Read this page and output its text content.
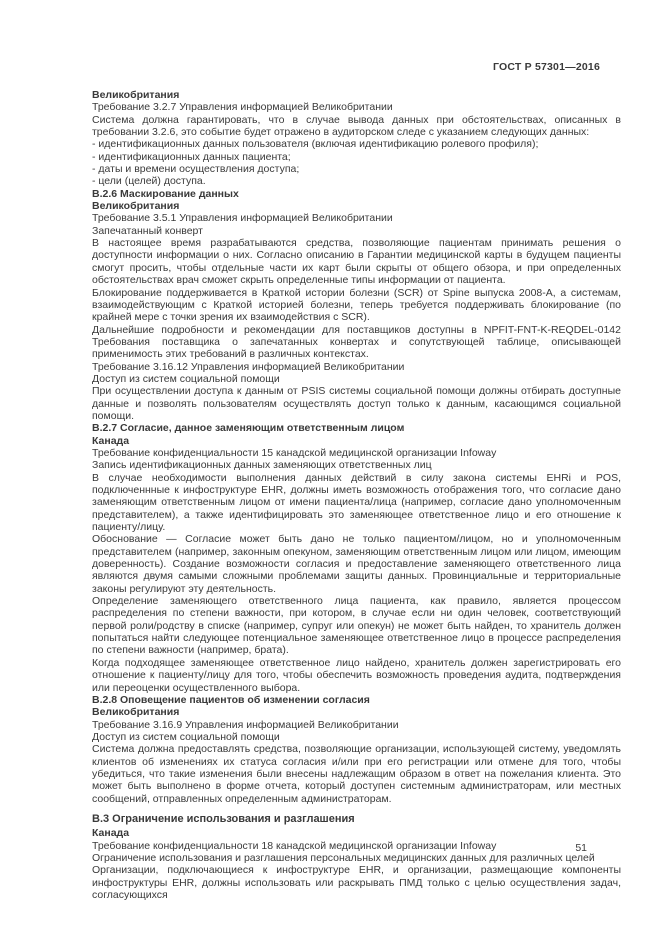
ГОСТ Р 57301—2016

Великобритания

Требование 3.2.7 Управления информацией Великобритании

Система должна гарантировать, что в случае вывода данных при обстоятельствах, описанных в требовании 3.2.6, это событие будет отражено в аудиторском следе с указанием следующих данных:

- идентификационных данных пользователя (включая идентификацию ролевого профиля);

- идентификационных данных пациента;

- даты и времени осуществления доступа;

- цели (целей) доступа.

В.2.6 Маскирование данных

Великобритания

Требование 3.5.1 Управления информацией Великобритании

Запечатанный конверт

В настоящее время разрабатываются средства, позволяющие пациентам принимать решения о доступности информации о них. Согласно описанию в Гарантии медицинской карты в будущем пациенты смогут просить, чтобы отдельные части их карт были скрыты от общего обзора, и при определенных обстоятельствах врач сможет скрыть определенные типы информации от пациента.

Блокирование поддерживается в Краткой истории болезни (SCR) от Spine выпуска 2008-А, а системам, взаимодействующим с Краткой историей болезни, теперь требуется поддерживать блокирование (по крайней мере с точки зрения их взаимодействия с SCR).

Дальнейшие подробности и рекомендации для поставщиков доступны в NPFIT-FNT-K-REQDEL-0142 Требования поставщика о запечатанных конвертах и сопутствующей таблице, описывающей применимость этих требований в различных контекстах.

Требование 3.16.12 Управления информацией Великобритании

Доступ из систем социальной помощи

При осуществлении доступа к данным от PSIS системы социальной помощи должны отбирать доступные данные и позволять пользователям осуществлять доступ только к данным, касающимся социальной помощи.

В.2.7 Согласие, данное заменяющим ответственным лицом

Канада

Требование конфиденциальности 15 канадской медицинской организации Infoway

Запись идентификационных данных заменяющих ответственных лиц

В случае необходимости выполнения данных действий в силу закона системы EHRi и POS, подключеннные к инфоструктуре EHR, должны иметь возможность отображения того, что согласие дано заменяющим ответственным лицом от имени пациента/лица (например, согласие дано уполномоченным представителем), а также идентифицировать это заменяющее ответственное лицо и его отношение к пациенту/лицу.

Обоснование — Согласие может быть дано не только пациентом/лицом, но и уполномоченным представителем (например, законным опекуном, заменяющим ответственным лицом или лицом, имеющим доверенность). Создание возможности согласия и предоставление заменяющего ответственного лица являются двумя самыми сложными проблемами защиты данных. Провинциальные и территориальные законы регулируют эту деятельность.

Определение заменяющего ответственного лица пациента, как правило, является процессом распределения по степени важности, при котором, в случае если ни один человек, соответствующий первой роли/родству в списке (например, супруг или опекун) не может быть найден, то хранитель должен попытаться найти следующее потенциальное заменяющее ответственное лицо в процессе распределения по степени важности (например, брата).

Когда подходящее заменяющее ответственное лицо найдено, хранитель должен зарегистрировать его отношение к пациенту/лицу для того, чтобы обеспечить возможность проведения аудита, подтверждения или переоценки осуществленного выбора.

В.2.8 Оповещение пациентов об изменении согласия

Великобритания

Требование 3.16.9 Управления информацией Великобритании

Доступ из систем социальной помощи

Система должна предоставлять средства, позволяющие организации, использующей систему, уведомлять клиентов об изменениях их статуса согласия и/или при его регистрации или отмене для того, чтобы убедиться, что такие изменения были внесены надлежащим образом в ответ на пожелания клиента. Это может быть выполнено в форме отчета, который доступен системным администраторам, или местных сообщений, отправленных определенным администраторам.

В.3 Ограничение использования и разглашения

Канада

Требование конфиденциальности 18 канадской медицинской организации Infoway

Ограничение использования и разглашения персональных медицинских данных для различных целей

Организации, подключающиеся к инфоструктуре EHR, и организации, размещающие компоненты инфоструктуры EHR, должны использовать или раскрывать ПМД только с целью осуществления задач, согласующихся

51
